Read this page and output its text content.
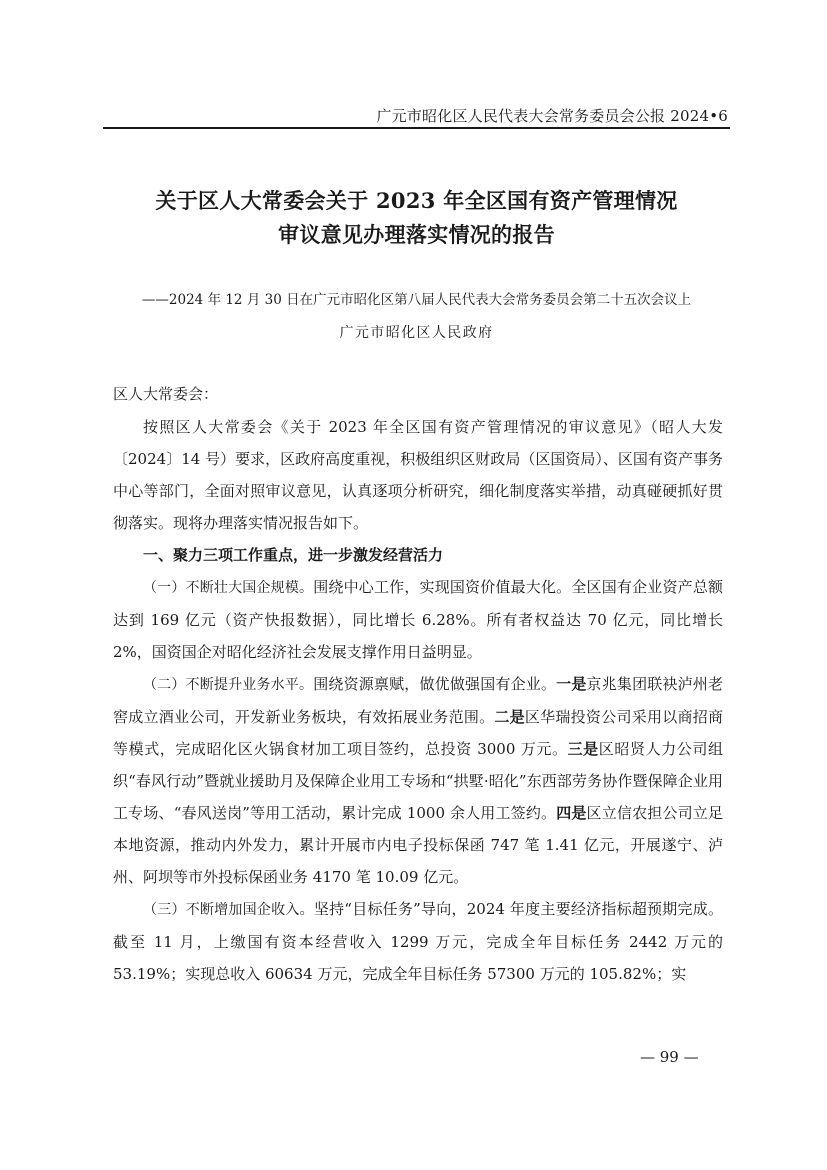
广元市昭化区人民代表大会常务委员会公报 2024•6
关于区人大常委会关于 2023 年全区国有资产管理情况
审议意见办理落实情况的报告
——2024 年 12 月 30 日在广元市昭化区第八届人民代表大会常务委员会第二十五次会议上
广元市昭化区人民政府
区人大常委会：

按照区人大常委会《关于 2023 年全区国有资产管理情况的审议意见》（昭人大发〔2024〕14 号）要求，区政府高度重视，积极组织区财政局（区国资局）、区国有资产事务中心等部门，全面对照审议意见，认真逐项分析研究，细化制度落实举措，动真碰硬抓好贯彻落实。现将办理落实情况报告如下。

一、聚力三项工作重点，进一步激发经营活力

（一）不断壮大国企规模。围绕中心工作，实现国资价值最大化。全区国有企业资产总额达到 169 亿元（资产快报数据），同比增长 6.28%。所有者权益达 70 亿元，同比增长 2%，国资国企对昭化经济社会发展支撑作用日益明显。

（二）不断提升业务水平。围绕资源禀赋，做优做强国有企业。一是京兆集团联袂泸州老窖成立酒业公司，开发新业务板块，有效拓展业务范围。二是区华瑞投资公司采用以商招商等模式，完成昭化区火锅食材加工项目签约，总投资 3000 万元。三是区昭贤人力公司组织“春风行动”暨就业援助月及保障企业用工专场和“拱墅·昭化”东西部劳务协作暨保障企业用工专场、“春风送岗”等用工活动，累计完成 1000 余人用工签约。四是区立信农担公司立足本地资源，推动内外发力，累计开展市内电子投标保函 747 笔 1.41 亿元，开展遂宁、泸州、阿坝等市外投标保函业务 4170 笔 10.09 亿元。

（三）不断增加国企收入。坚持“目标任务”导向，2024 年度主要经济指标超预期完成。截至 11 月，上缴国有资本经营收入 1299 万元，完成全年目标任务 2442 万元的 53.19%；实现总收入 60634 万元，完成全年目标任务 57300 万元的 105.82%；实

— 99 —
